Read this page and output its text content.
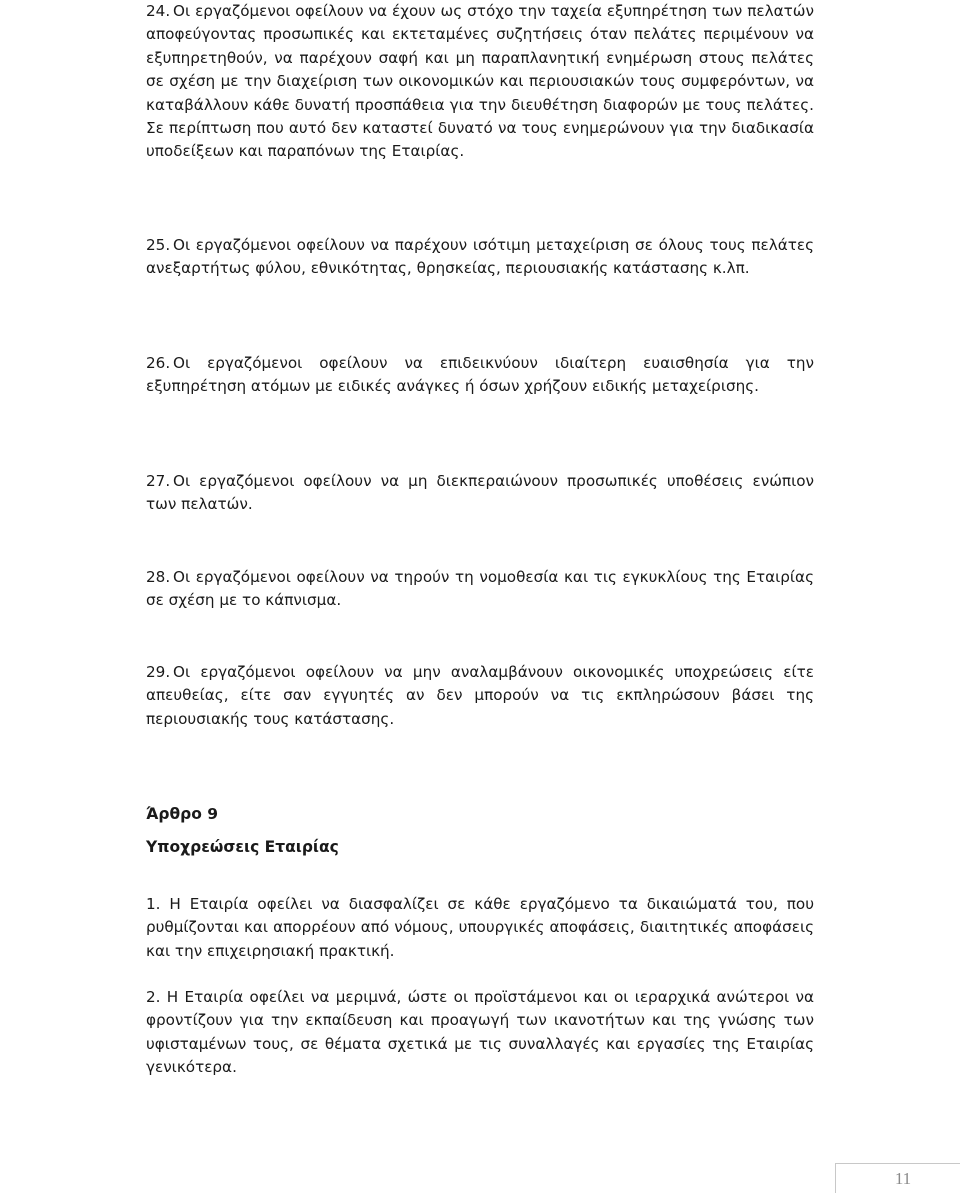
24. Οι εργαζόμενοι οφείλουν να έχουν ως στόχο την ταχεία εξυπηρέτηση των πελατών αποφεύγοντας προσωπικές και εκτεταμένες συζητήσεις όταν πελάτες περιμένουν να εξυπηρετηθούν, να παρέχουν σαφή και μη παραπλανητική ενημέρωση στους πελάτες σε σχέση με την διαχείριση των οικονομικών και περιουσιακών τους συμφερόντων, να καταβάλλουν κάθε δυνατή προσπάθεια για την διευθέτηση διαφορών με τους πελάτες. Σε περίπτωση που αυτό δεν καταστεί δυνατό να τους ενημερώνουν για την διαδικασία υποδείξεων και παραπόνων της Εταιρίας.
25. Οι εργαζόμενοι οφείλουν να παρέχουν ισότιμη μεταχείριση σε όλους τους πελάτες ανεξαρτήτως φύλου, εθνικότητας, θρησκείας, περιουσιακής κατάστασης κ.λπ.
26. Οι εργαζόμενοι οφείλουν να επιδεικνύουν ιδιαίτερη ευαισθησία για την εξυπηρέτηση ατόμων με ειδικές ανάγκες ή όσων χρήζουν ειδικής μεταχείρισης.
27. Οι εργαζόμενοι οφείλουν να μη διεκπεραιώνουν προσωπικές υποθέσεις ενώπιον των πελατών.
28. Οι εργαζόμενοι οφείλουν να τηρούν τη νομοθεσία και τις εγκυκλίους της Εταιρίας σε σχέση με το κάπνισμα.
29. Οι εργαζόμενοι οφείλουν να μην αναλαμβάνουν οικονομικές υποχρεώσεις είτε απευθείας, είτε σαν εγγυητές αν δεν μπορούν να τις εκπληρώσουν βάσει της περιουσιακής τους κατάστασης.
Άρθρο 9
Υποχρεώσεις Εταιρίας
1. Η Εταιρία οφείλει να διασφαλίζει σε κάθε εργαζόμενο τα δικαιώματά του, που ρυθμίζονται και απορρέουν από νόμους, υπουργικές αποφάσεις, διαιτητικές αποφάσεις και την επιχειρησιακή πρακτική.
2. Η Εταιρία οφείλει να μεριμνά, ώστε οι προϊστάμενοι και οι ιεραρχικά ανώτεροι να φροντίζουν για την εκπαίδευση και προαγωγή των ικανοτήτων και της γνώσης των υφισταμένων τους, σε θέματα σχετικά με τις συναλλαγές και εργασίες της Εταιρίας γενικότερα.
11
